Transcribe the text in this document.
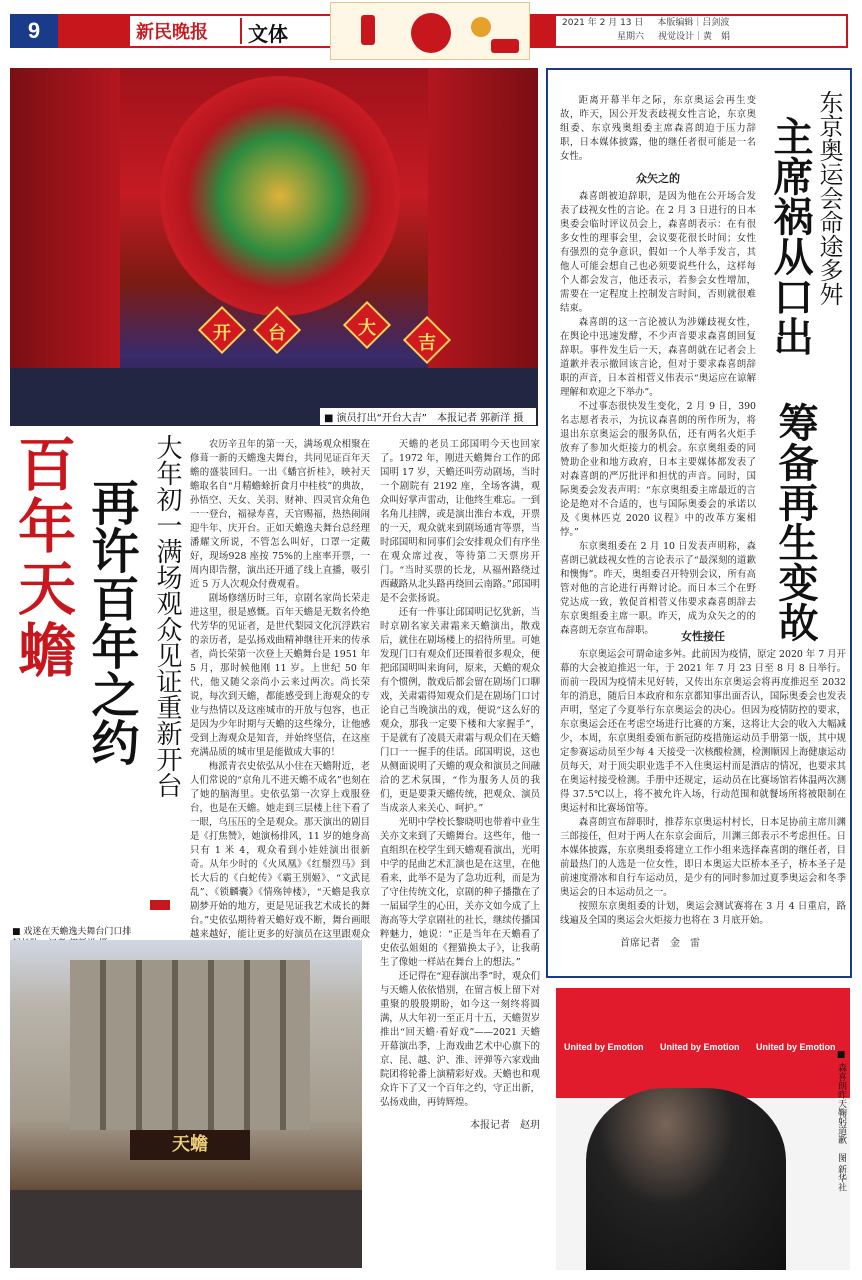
9	新民晚报 文体	2021 年 2 月 13 日 本版编辑｜吕剑波
星期六 视觉设计｜黄　娟
开	台	大
吉
■ 演员打出“开台大吉”　本报记者 郭新洋 摄
百年天蟾 再许百年之约 大年初一满场观众见证重新开台	农历辛丑年的第一天，满场观众相聚在修葺一新的天蟾逸夫舞台，共同见证百年天蟾的盛装回归。一出《蟠宫折桂》，映衬天蟾取名自“月精蟾蜍折食月中桂枝”的典故，孙悟空、天女、关羽、财神、四灵官众角色一一登台，福禄寿喜，天官赐福，热热闹闹迎牛年、庆开台。正如天蟾逸夫舞台总经理潘耀文所说，不管怎么叫好，口罩一定戴好，现场928 座按 75%的上座率开票，一周内即告罄，演出还开通了线上直播，吸引近 5 万人次观众付费观看。

剧场修缮历时三年，京剧名家尚长荣走进这里，很是感慨。百年天蟾是无数名伶绝代芳华的见证者，是世代梨园文化沉浮跌宕的亲历者，是弘扬戏曲精神继往开来的传承者，尚长荣第一次登上天蟾舞台是 1951 年 5 月，那时候他刚 11 岁。上世纪 50 年代，他又随父亲尚小云来过两次。尚长荣说，每次到天蟾，都能感受到上海观众的专业与热情以及这座城市的开放与包容，也正是因为少年时期与天蟾的这些缘分，让他感受到上海观众是知音，并始终坚信，在这座充满品质的城市里是能做成大事的！

梅派青衣史依弘从小住在天蟾附近，老人们常说的“京角儿不进天蟾不成名”也刻在了她的脑海里。史依弘第一次穿上戏服登台，也是在天蟾。她走到三层楼上往下看了一眼，乌压压的全是观众。那天演出的剧目是《打焦赞》，她演杨排风，11 岁的她身高只有 1 米 4，观众看到小娃娃演出很新奇。从年少时的《火凤凰》《红鬃烈马》到长大后的《白蛇传》《霸王别姬》、“文武昆乱”、《锁麟囊》《情殇钟楼》，“天蟾是我京剧梦开始的地方，更是见证我艺术成长的舞台。”史依弘期待着天蟾好戏不断，舞台画眼越来越好，能让更多的好演员在这里跟观众

天蟾的老员工邱国明今天也回家了。1972 年，刚进天蟾舞台工作的邱国明 17 岁，天蟾还叫劳动剧场，当时一个剧院有 2192 座，全场客满，观众叫好掌声雷动，让他终生难忘。一到名角儿挂牌，或是演出淮台本戏，开票的一天，观众就来到剧场通宵等票，当时邱国明和同事们会安排观众们有序坐在观众席过夜，等待第二天票房开门。“当时买票的长龙，从福州路绕过西藏路从北头路再绕回云南路。”邱国明是不会张扬说。

还有一件事让邱国明记忆犹新，当时京剧名家关肃霜来天蟾演出，散戏后，就住在剧场楼上的招待所里。可她发现门口有观众们还围着很多观众，便把邱国明叫来询问，原来，天蟾的观众有个惯例，散戏后都会留在剧场门口聊戏，关肃霜得知观众们是在剧场门口讨论自己当晚演出的戏，便说“这么好的观众，那我一定要下楼和大家握手”，于是就有了凌晨天肃霜与观众们在天蟾门口一一握手的佳话。邱国明说，这也从侧面说明了天蟾的观众和演员之间融洽的艺术氛围，“作为服务人员的我们，更是要秉天蟾传统，把观众、演员当成亲人来关心、呵护。”

光明中学校长黎晓明也带着中业生关亦文来到了天蟾舞台。这些年，他一直组织在校学生到天蟾观看演出，光明中学的昆曲艺术汇演也是在这里，在他看来，此举不是为了急功近利，而是为了守住传统文化，京剧的种子播撒在了一届届学生的心田，关亦文如今成了上海高等大学京剧社的社长，继续传播国粹魅力，她说：“正是当年在天蟾看了史依弘姐姐的《狸猫换太子》，让我萌生了像她一样站在舞台上的想法。”

还记得在“迎春演出季”时，观众们与天蟾人依依惜别，在留言板上留下对重聚的殷殷期盼，如今这一刻终将圆满，从大年初一至正月十五，天蟾贺岁推出“回天蟾·看好戏”——2021 天蟾开幕演出季，上海戏曲艺术中心旗下的京、昆、越、沪、淮、评弹等六家戏曲院团将轮番上演精彩好戏。天蟾也和观众许下了又一个百年之约，守正出新，弘扬戏曲，再铸辉煌。

本报记者　赵玥
■ 戏迷在天蟾逸夫舞台门口排　
天蟾
东京奥运会命途多舛
主席祸从口出
筹备再生变故

距离开幕半年之际，东京奥运会再生变故，昨天，因公开发表歧视女性言论，东京奥组委、东京残奥组委主席森喜朗迫于压力辞职，日本媒体披露，他的继任者很可能是一名女性。

众矢之的

森喜朗被迫辞职，是因为他在公开场合发表了歧视女性的言论。在 2 月 3 日进行的日本奥委会临时评议员会上，森喜朗表示：在有很多女性的理事会里，会议要花很长时间；女性有强烈的竞争意识，假如一个人举手发言，其他人可能会想自己也必须要说些什么，这样每个人都会发言，他还表示，若参会女性增加，需要在一定程度上控制发言时间，否则就很难结束。

森喜朗的这一言论被认为涉嫌歧视女性，在舆论中迅速发酵，不少声音要求森喜朗回复辞职。事件发生后一天，森喜朗就在记者会上道歉并表示撤回该言论，但对于要求森喜朗辞职的声音，日本首相菅义伟表示“奥运应在谅解理解和欢迎之下举办”。

不过事态很快发生变化，2 月 9 日，390名志愿者表示，为抗议森喜朗的所作所为，将退出东京奥运会的服务队伍，还有两名火炬手放弃了参加火炬接力的机会。东京奥组委的同赞助企业和地方政府，日本主要媒体都发表了对森喜朗的严厉批评和担忧的声音。同时，国际奥委会发表声明：“东京奥组委主席最近的言论是绝对不合适的，也与国际奥委会的承诺以及《奥林匹克 2020 议程》中的改革方案相悖。”

东京奥组委在 2 月 10 日发表声明称，森喜朗已就歧视女性的言论表示了“最深刻的道歉和懊悔”。昨天，奥组委召开特别会议，所有高管对他的言论进行再辩讨论。而日本三个在野党达成一致，敦促首相菅义伟要求森喜朗辞去东京奥组委主席一职。昨天，成为众矢之的的森喜朗无奈宣布辞职。	女性接任

东京奥运会可谓命途多舛。此前因为疫情，原定 2020 年 7 月开幕的大会被迫推迟一年，于 2021 年 7 月 23 日至 8 月 8 日举行。而前一段因为疫情未见好转，又传出东京奥运会将再度推迟至 2032 年的消息，随后日本政府和东京都知事出面否认，国际奥委会也发表声明，坚定了今夏举行东京奥运会的决心。但因为疫情防控的要求，东京奥运会还在考虑空场进行比赛的方案，这将让大会的收入大幅减少，本周，东京奥组委颁布新冠防疫措施运动员手册第一版，其中规定参赛运动员至少每 4 天接受一次核酸检测，检测顺因上海健康运动员每天，对于顶尖职业选手不入住奥运村而是酒店的情况，也要求其在奥运村接受检测。手册中还规定，运动员在比赛场馆若体温两次测得 37.5℃以上，将不被允许入场，行动范围和就餐场所将被限制在奥运村和比赛场馆等。

森喜朗宣布辞职时，推荐东京奥运村村长，日本足协前主席川渊三郎接任，但对于两人在东京会面后，川渊三郎表示不考虑担任。日本媒体披露，东京奥组委将建立工作小组来选择森喜朗的继任者，目前最热门的人选是一位女性，即日本奥运大臣桥本圣子，桥本圣子是前速度滑冰和自行车运动员，是少有的同时参加过夏季奥运会和冬季奥运会的日本运动员之一。

按照东京奥组委的计划，奥运会测试赛将在 3 月 4 日重启，路线遍及全国的奥运会火炬接力也将在 3 月底开始。

首席记者　金　雷
United by Emotion United by Emotion United by Emotion
■ 森喜朗昨天鞠躬道歉　图 新华社
